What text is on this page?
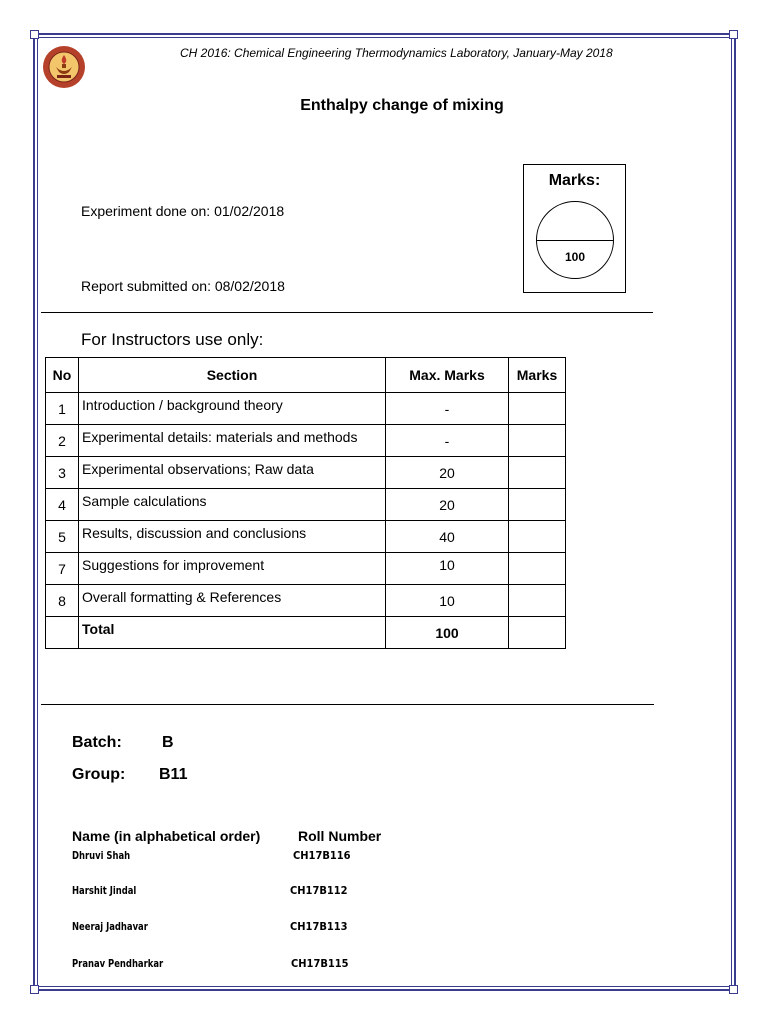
CH 2016: Chemical Engineering Thermodynamics Laboratory, January-May 2018
Enthalpy change of mixing
Experiment done on: 01/02/2018
Report submitted on: 08/02/2018
Marks:
100
For Instructors use only:
No	Section	Max. Marks	Marks
1	Introduction / background theory	-	
2	Experimental details: materials and methods	-	
3	Experimental observations; Raw data	20	
4	Sample calculations	20	
5	Results, discussion and conclusions	40	
7	Suggestions for improvement	10	
8	Overall formatting & References	10	
	Total	100	
Batch:	B
Group: B11
Name (in alphabetical order)	Roll Number
Dhruvi Shah	CH17B116
Harshit Jindal	CH17B112
Neeraj Jadhavar	CH17B113
Pranav Pendharkar	CH17B115
